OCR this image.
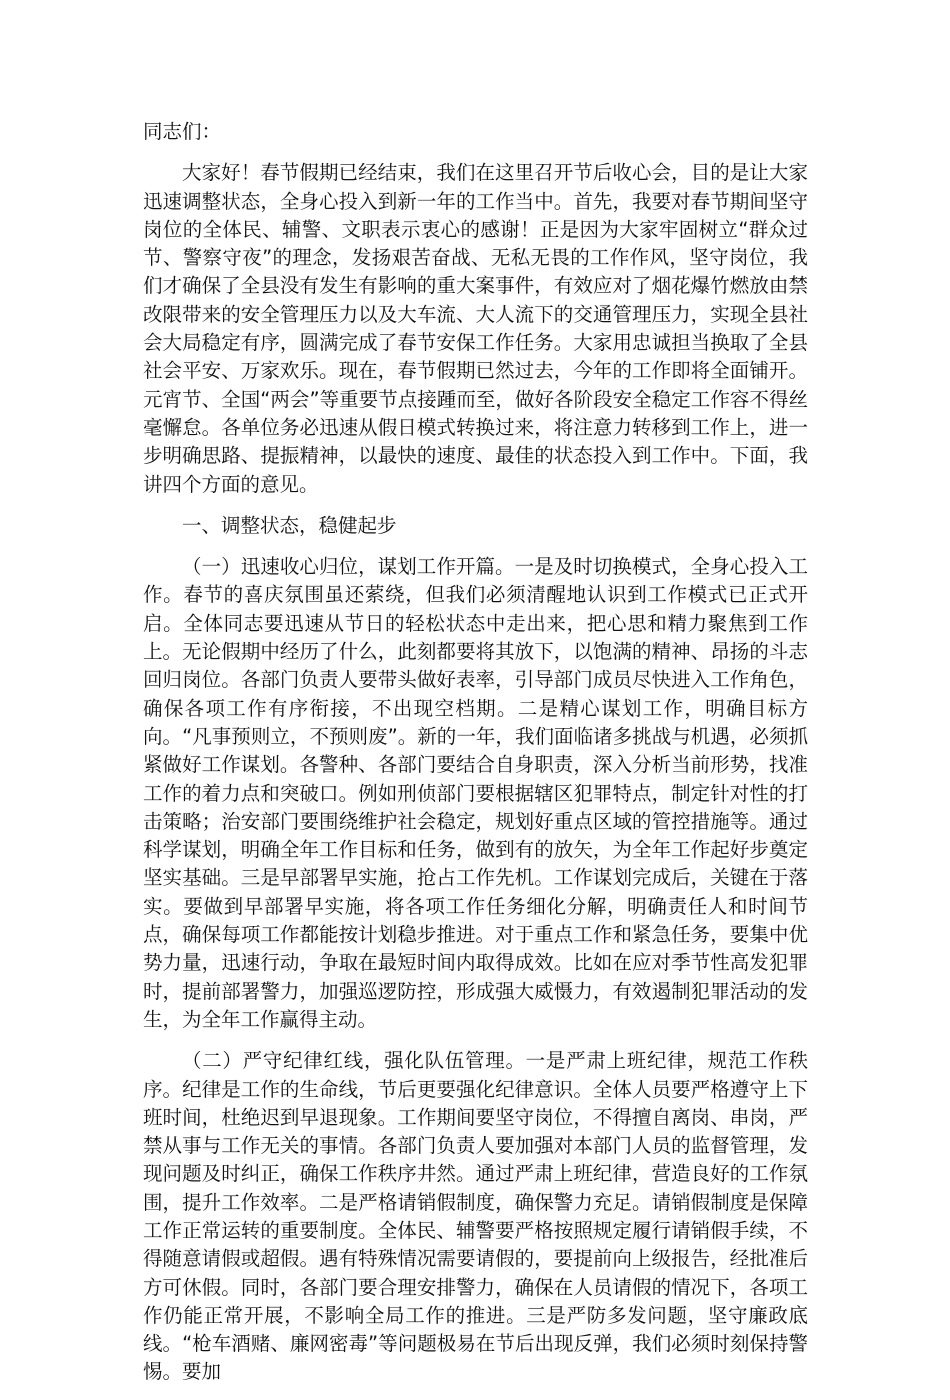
同志们：

大家好！春节假期已经结束，我们在这里召开节后收心会，目的是让大家迅速调整状态，全身心投入到新一年的工作当中。首先，我要对春节期间坚守岗位的全体民、辅警、文职表示衷心的感谢！正是因为大家牢固树立“群众过节、警察守夜”的理念，发扬艰苦奋战、无私无畏的工作作风，坚守岗位，我们才确保了全县没有发生有影响的重大案事件，有效应对了烟花爆竹燃放由禁改限带来的安全管理压力以及大车流、大人流下的交通管理压力，实现全县社会大局稳定有序，圆满完成了春节安保工作任务。大家用忠诚担当换取了全县社会平安、万家欢乐。现在，春节假期已然过去，今年的工作即将全面铺开。元宵节、全国“两会”等重要节点接踵而至，做好各阶段安全稳定工作容不得丝毫懈怠。各单位务必迅速从假日模式转换过来，将注意力转移到工作上，进一步明确思路、提振精神，以最快的速度、最佳的状态投入到工作中。下面，我讲四个方面的意见。

一、调整状态，稳健起步

（一）迅速收心归位，谋划工作开篇。一是及时切换模式，全身心投入工作。春节的喜庆氛围虽还萦绕，但我们必须清醒地认识到工作模式已正式开启。全体同志要迅速从节日的轻松状态中走出来，把心思和精力聚焦到工作上。无论假期中经历了什么，此刻都要将其放下，以饱满的精神、昂扬的斗志回归岗位。各部门负责人要带头做好表率，引导部门成员尽快进入工作角色，确保各项工作有序衔接，不出现空档期。二是精心谋划工作，明确目标方向。“凡事预则立，不预则废”。新的一年，我们面临诸多挑战与机遇，必须抓紧做好工作谋划。各警种、各部门要结合自身职责，深入分析当前形势，找准工作的着力点和突破口。例如刑侦部门要根据辖区犯罪特点，制定针对性的打击策略；治安部门要围绕维护社会稳定，规划好重点区域的管控措施等。通过科学谋划，明确全年工作目标和任务，做到有的放矢，为全年工作起好步奠定坚实基础。三是早部署早实施，抢占工作先机。工作谋划完成后，关键在于落实。要做到早部署早实施，将各项工作任务细化分解，明确责任人和时间节点，确保每项工作都能按计划稳步推进。对于重点工作和紧急任务，要集中优势力量，迅速行动，争取在最短时间内取得成效。比如在应对季节性高发犯罪时，提前部署警力，加强巡逻防控，形成强大威慑力，有效遏制犯罪活动的发生，为全年工作赢得主动。

（二）严守纪律红线，强化队伍管理。一是严肃上班纪律，规范工作秩序。纪律是工作的生命线，节后更要强化纪律意识。全体人员要严格遵守上下班时间，杜绝迟到早退现象。工作期间要坚守岗位，不得擅自离岗、串岗，严禁从事与工作无关的事情。各部门负责人要加强对本部门人员的监督管理，发现问题及时纠正，确保工作秩序井然。通过严肃上班纪律，营造良好的工作氛围，提升工作效率。二是严格请销假制度，确保警力充足。请销假制度是保障工作正常运转的重要制度。全体民、辅警要严格按照规定履行请销假手续，不得随意请假或超假。遇有特殊情况需要请假的，要提前向上级报告，经批准后方可休假。同时，各部门要合理安排警力，确保在人员请假的情况下，各项工作仍能正常开展，不影响全局工作的推进。三是严防多发问题，坚守廉政底线。“枪车酒赌、廉网密毒”等问题极易在节后出现反弹，我们必须时刻保持警惕。要加
